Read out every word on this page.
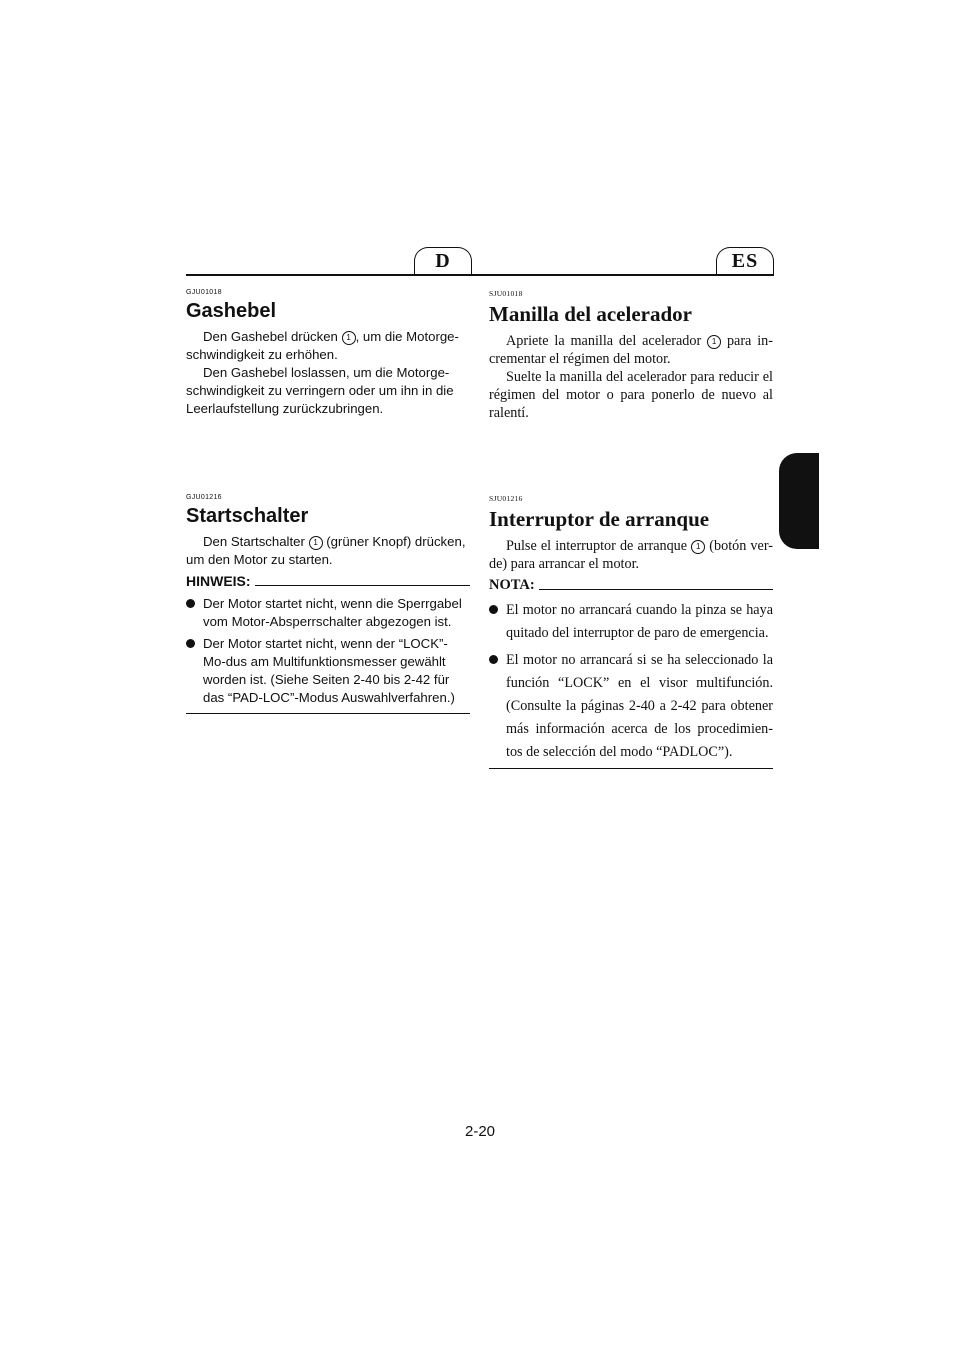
D	ES
GJU01018
Gashebel

Den Gashebel drücken 1 , um die Motorge-schwindigkeit zu erhöhen.

Den Gashebel loslassen, um die Motorge-schwindigkeit zu verringern oder um ihn in die Leerlaufstellung zurückzubringen.

GJU01216
Startschalter

Den Startschalter 1 (grüner Knopf) drücken, um den Motor zu starten.

HINWEIS:
Der Motor startet nicht, wenn die Sperrgabel vom Motor-Absperrschalter abgezogen ist.
Der Motor startet nicht, wenn der “LOCK”-Mo-dus am Multifunktionsmesser gewählt worden ist. (Siehe Seiten 2-40 bis 2-42 für das “PAD-LOC”-Modus Auswahlverfahren.)
SJU01018
Manilla del acelerador

Apriete la manilla del acelerador 1 para in-crementar el régimen del motor.

Suelte la manilla del acelerador para reducir el régimen del motor o para ponerlo de nuevo al ralentí.

SJU01216
Interruptor de arranque

Pulse el interruptor de arranque 1 (botón ver-de) para arrancar el motor.

NOTA:
El motor no arrancará cuando la pinza se haya quitado del interruptor de paro de emergencia.
El motor no arrancará si se ha seleccionado la función “LOCK” en el visor multifunción. (Consulte la páginas 2-40 a 2-42 para obtener más información acerca de los procedimien-tos de selección del modo “PADLOC”).
2-20
